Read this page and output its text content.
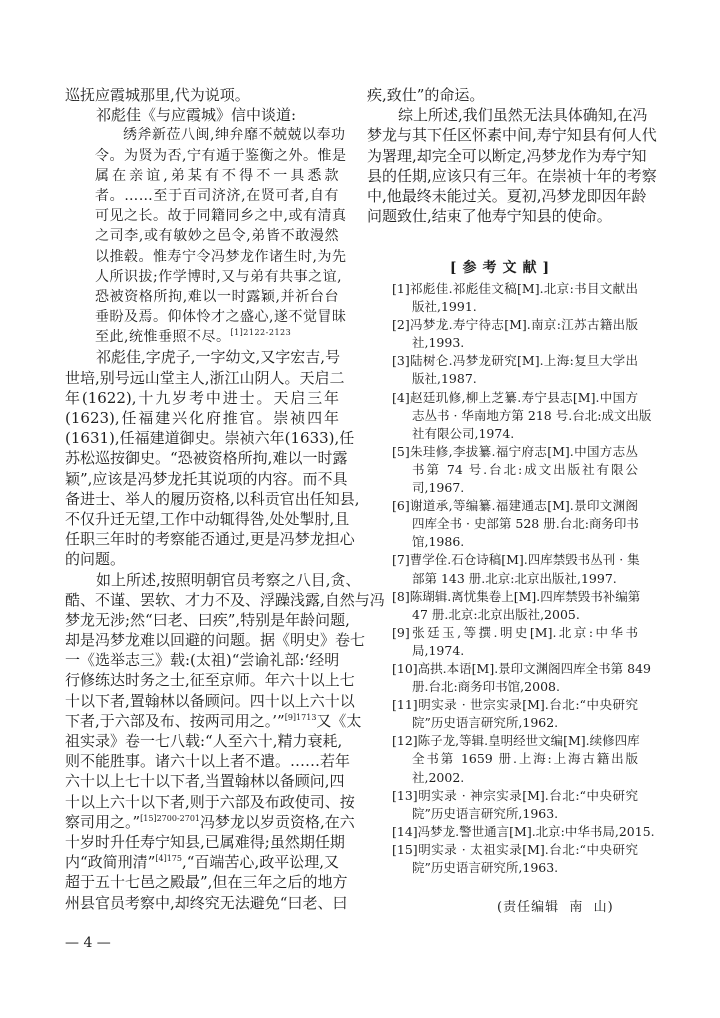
巡抚应霞城那里,代为说项。
祁彪佳《与应霞城》信中谈道:
绣斧新莅八闽,绅弁靡不兢兢以奉功
令。为贤为否,宁有遁于鉴衡之外。惟是
属在亲谊,弟某有不得不一具悉款
者。……至于百司济济,在贤可者,自有
可见之长。故于同籍同乡之中,或有清真
之司李,或有敏妙之邑令,弟皆不敢漫然
以推毂。惟寿宁令冯梦龙作诸生时,为先
人所识拔;作学博时,又与弟有共事之谊,
恐被资格所拘,难以一时露颖,并祈台台
垂盼及焉。仰体怜才之盛心,遂不觉冒昧
至此,统惟垂照不尽。$^{[1]2122-2123}$
祁彪佳,字虎子,一字幼文,又字宏吉,号
世培,别号远山堂主人,浙江山阴人。天启二
年(1622),十九岁考中进士。天启三年
(1623),任福建兴化府推官。崇祯四年
(1631),任福建道御史。崇祯六年(1633),任
苏松巡按御史。“恐被资格所拘,难以一时露
颖”,应该是冯梦龙托其说项的内容。而不具
备进士、举人的履历资格,以科贡官出任知县,
不仅升迁无望,工作中动辄得咎,处处掣肘,且
任职三年时的考察能否通过,更是冯梦龙担心
的问题。
如上所述,按照明朝官员考察之八目,贪、
酷、不谨、罢软、才力不及、浮躁浅露,自然与冯
梦龙无涉;然“曰老、曰疾”,特别是年龄问题,
却是冯梦龙难以回避的问题。据《明史》卷七
一《选举志三》载:(太祖)“尝谕礼部:‘经明
行修练达时务之士,征至京师。年六十以上七
十以下者,置翰林以备顾问。四十以上六十以
下者,于六部及布、按两司用之。’”$^{[9]1713}$又《太
祖实录》卷一七八载:“人至六十,精力衰耗,
则不能胜事。诸六十以上者不遣。……若年
六十以上七十以下者,当置翰林以备顾问,四
十以上六十以下者,则于六部及布政使司、按
察司用之。”$^{[15]2700-2701}$冯梦龙以岁贡资格,在六
十岁时升任寿宁知县,已属难得;虽然期任期
内“政简刑清”$^{[4]175}$,“百端苦心,政平讼理,又
超于五十七邑之殿最”,但在三年之后的地方
州县官员考察中,却终究无法避免“曰老、曰
疾,致仕”的命运。
综上所述,我们虽然无法具体确知,在冯
梦龙与其下任区怀素中间,寿宁知县有何人代
为署理,却完全可以断定,冯梦龙作为寿宁知
县的任期,应该只有三年。在崇祯十年的考察
中,他最终未能过关。夏初,冯梦龙即因年龄
问题致仕,结束了他寿宁知县的使命。
[参考文献]
[1]祁彪佳.祁彪佳文稿[M].北京:书目文献出
版社,1991.
[2]冯梦龙.寿宁待志[M].南京:江苏古籍出版
社,1993.
[3]陆树仑.冯梦龙研究[M].上海:复旦大学出
版社,1987.
[4]赵廷玑修,柳上芝纂.寿宁县志[M].中国方
志丛书 · 华南地方第 218 号.台北:成文出版
社有限公司,1974.
[5]朱珪修,李拔纂.福宁府志[M].中国方志丛
书第 74 号.台北:成文出版社有限公
司,1967.
[6]谢道承,等编纂.福建通志[M].景印文渊阁
四库全书 · 史部第 528 册.台北:商务印书
馆,1986.
[7]曹学佺.石仓诗稿[M].四库禁毁书丛刊 · 集
部第 143 册.北京:北京出版社,1997.
[8]陈瑚辑.离忧集卷上[M].四库禁毁书补编第
47 册.北京:北京出版社,2005.
[9]张廷玉,等撰.明史[M].北京:中华书
局,1974.
[10]高拱.本语[M].景印文渊阁四库全书第 849
册.台北:商务印书馆,2008.
[11]明实录 · 世宗实录[M].台北:“中央研究
院”历史语言研究所,1962.
[12]陈子龙,等辑.皇明经世文编[M].续修四库
全书第 1659 册.上海:上海古籍出版
社,2002.
[13]明实录 · 神宗实录[M].台北:“中央研究
院”历史语言研究所,1963.
[14]冯梦龙.警世通言[M].北京:中华书局,2015.
[15]明实录 · 太祖实录[M].台北:“中央研究
院”历史语言研究所,1963.
(责任编辑  南  山)
— 4 —
